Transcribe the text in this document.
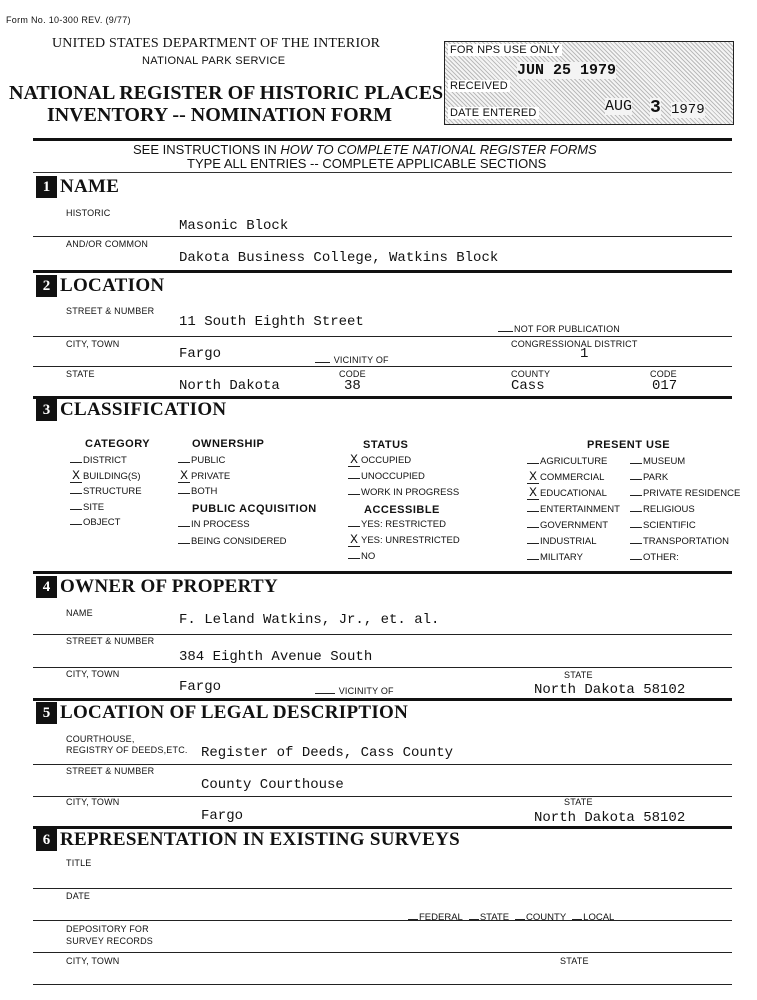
Form No. 10-300 REV. (9/77)
UNITED STATES DEPARTMENT OF THE INTERIOR
NATIONAL PARK SERVICE
NATIONAL REGISTER OF HISTORIC PLACES
INVENTORY -- NOMINATION FORM
FOR NPS USE ONLY
RECEIVED
JUN 25 1979
DATE ENTERED	AUG 3 1979
SEE INSTRUCTIONS IN HOW TO COMPLETE NATIONAL REGISTER FORMS
TYPE ALL ENTRIES -- COMPLETE APPLICABLE SECTIONS
1 NAME
HISTORIC
Masonic Block
AND/OR COMMON
Dakota Business College, Watkins Block
2 LOCATION
STREET & NUMBER
11 South Eighth Street	NOT FOR PUBLICATION
CITY, TOWN
Fargo	VICINITY OF
CONGRESSIONAL DISTRICT
1
STATE
North Dakota
CODE
38
COUNTY
Cass
CODE
017
3 CLASSIFICATION
CATEGORY
DISTRICT
X BUILDING(S)
STRUCTURE
SITE
OBJECT
OWNERSHIP
PUBLIC
X PRIVATE
BOTH
PUBLIC ACQUISITION
IN PROCESS
BEING CONSIDERED
STATUS
X OCCUPIED
UNOCCUPIED
WORK IN PROGRESS
ACCESSIBLE
YES: RESTRICTED
X YES: UNRESTRICTED
NO
PRESENT USE
AGRICULTURE
X COMMERCIAL
X EDUCATIONAL
ENTERTAINMENT
GOVERNMENT
INDUSTRIAL
MILITARY
MUSEUM
PARK
PRIVATE RESIDENCE
RELIGIOUS
SCIENTIFIC
TRANSPORTATION
OTHER:
4 OWNER OF PROPERTY
NAME	F. Leland Watkins, Jr., et. al.
STREET & NUMBER
384 Eighth Avenue South
CITY, TOWN
Fargo	VICINITY OF
STATE
North Dakota 58102
5 LOCATION OF LEGAL DESCRIPTION
COURTHOUSE,
REGISTRY OF DEEDS,ETC. Register of Deeds, Cass County
STREET & NUMBER
County Courthouse
CITY, TOWN
Fargo
STATE
North Dakota 58102
6 REPRESENTATION IN EXISTING SURVEYS
TITLE
DATE
FEDERAL STATE COUNTY LOCAL
DEPOSITORY FOR
SURVEY RECORDS
CITY, TOWN	STATE
